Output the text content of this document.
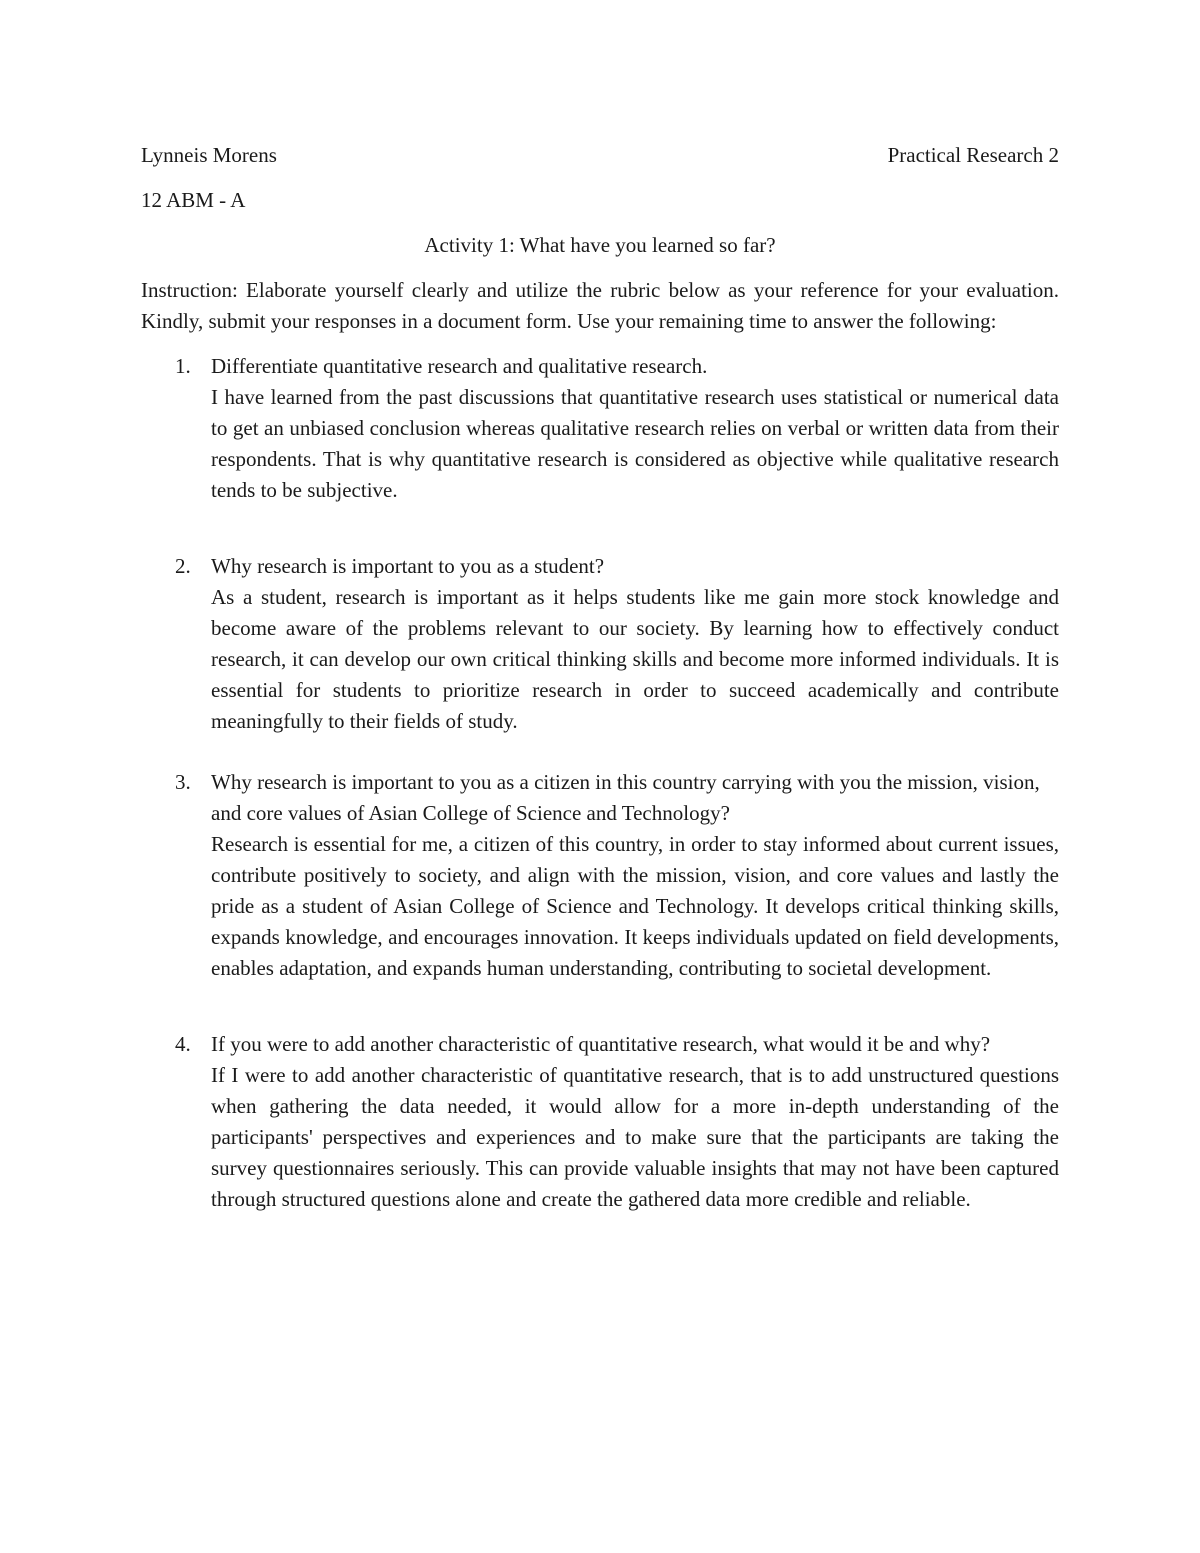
Lynneis Morens	Practical Research 2
12 ABM - A
Activity 1: What have you learned so far?
Instruction: Elaborate yourself clearly and utilize the rubric below as your reference for your evaluation. Kindly, submit your responses in a document form. Use your remaining time to answer the following:
1. Differentiate quantitative research and qualitative research.
I have learned from the past discussions that quantitative research uses statistical or numerical data to get an unbiased conclusion whereas qualitative research relies on verbal or written data from their respondents. That is why quantitative research is considered as objective while qualitative research tends to be subjective.
2. Why research is important to you as a student?
As a student, research is important as it helps students like me gain more stock knowledge and become aware of the problems relevant to our society. By learning how to effectively conduct research, it can develop our own critical thinking skills and become more informed individuals. It is essential for students to prioritize research in order to succeed academically and contribute meaningfully to their fields of study.
3. Why research is important to you as a citizen in this country carrying with you the mission, vision, and core values of Asian College of Science and Technology?
Research is essential for me, a citizen of this country, in order to stay informed about current issues, contribute positively to society, and align with the mission, vision, and core values and lastly the pride as a student of Asian College of Science and Technology. It develops critical thinking skills, expands knowledge, and encourages innovation. It keeps individuals updated on field developments, enables adaptation, and expands human understanding, contributing to societal development.
4. If you were to add another characteristic of quantitative research, what would it be and why?
If I were to add another characteristic of quantitative research, that is to add unstructured questions when gathering the data needed, it would allow for a more in-depth understanding of the participants' perspectives and experiences and to make sure that the participants are taking the survey questionnaires seriously. This can provide valuable insights that may not have been captured through structured questions alone and create the gathered data more credible and reliable.
